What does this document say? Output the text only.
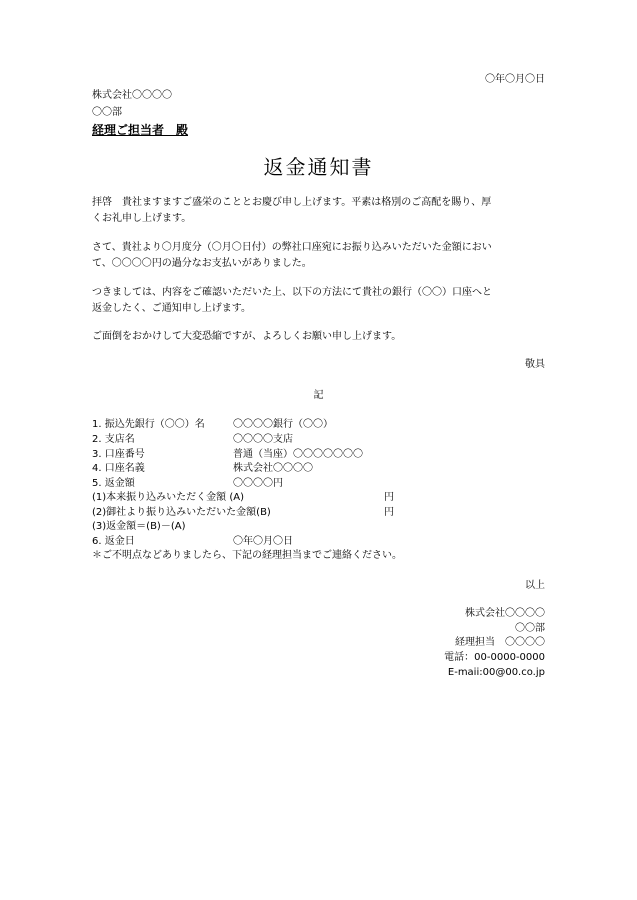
〇年〇月〇日
株式会社〇〇〇〇
〇〇部
経理ご担当者　殿
返金通知書
拝啓　貴社ますますご盛栄のこととお慶び申し上げます。平素は格別のご高配を賜り、厚
くお礼申し上げます。
さて、貴社より〇月度分（〇月〇日付）の弊社口座宛にお振り込みいただいた金額におい
て、〇〇〇〇円の過分なお支払いがありました。
つきましては、内容をご確認いただいた上、以下の方法にて貴社の銀行（〇〇）口座へと
返金したく、ご通知申し上げます。
ご面倒をおかけして大変恐縮ですが、よろしくお願い申し上げます。
敬具
記
1. 振込先銀行（〇〇）名	〇〇〇〇銀行（〇〇）
2. 支店名	〇〇〇〇支店
3. 口座番号	普通（当座）〇〇〇〇〇〇〇
4. 口座名義	株式会社〇〇〇〇
5. 返金額	〇〇〇〇円
(1)本来振り込みいただく金額 (A)	円
(2)御社より振り込みいただいた金額(B)	円
(3)返金額＝(B)－(A)
6. 返金日	〇年〇月〇日
＊ご不明点などありましたら、下記の経理担当までご連絡ください。
以上
株式会社〇〇〇〇
〇〇部
経理担当　〇〇〇〇
電話：00-0000-0000
E-maii:00@00.co.jp
